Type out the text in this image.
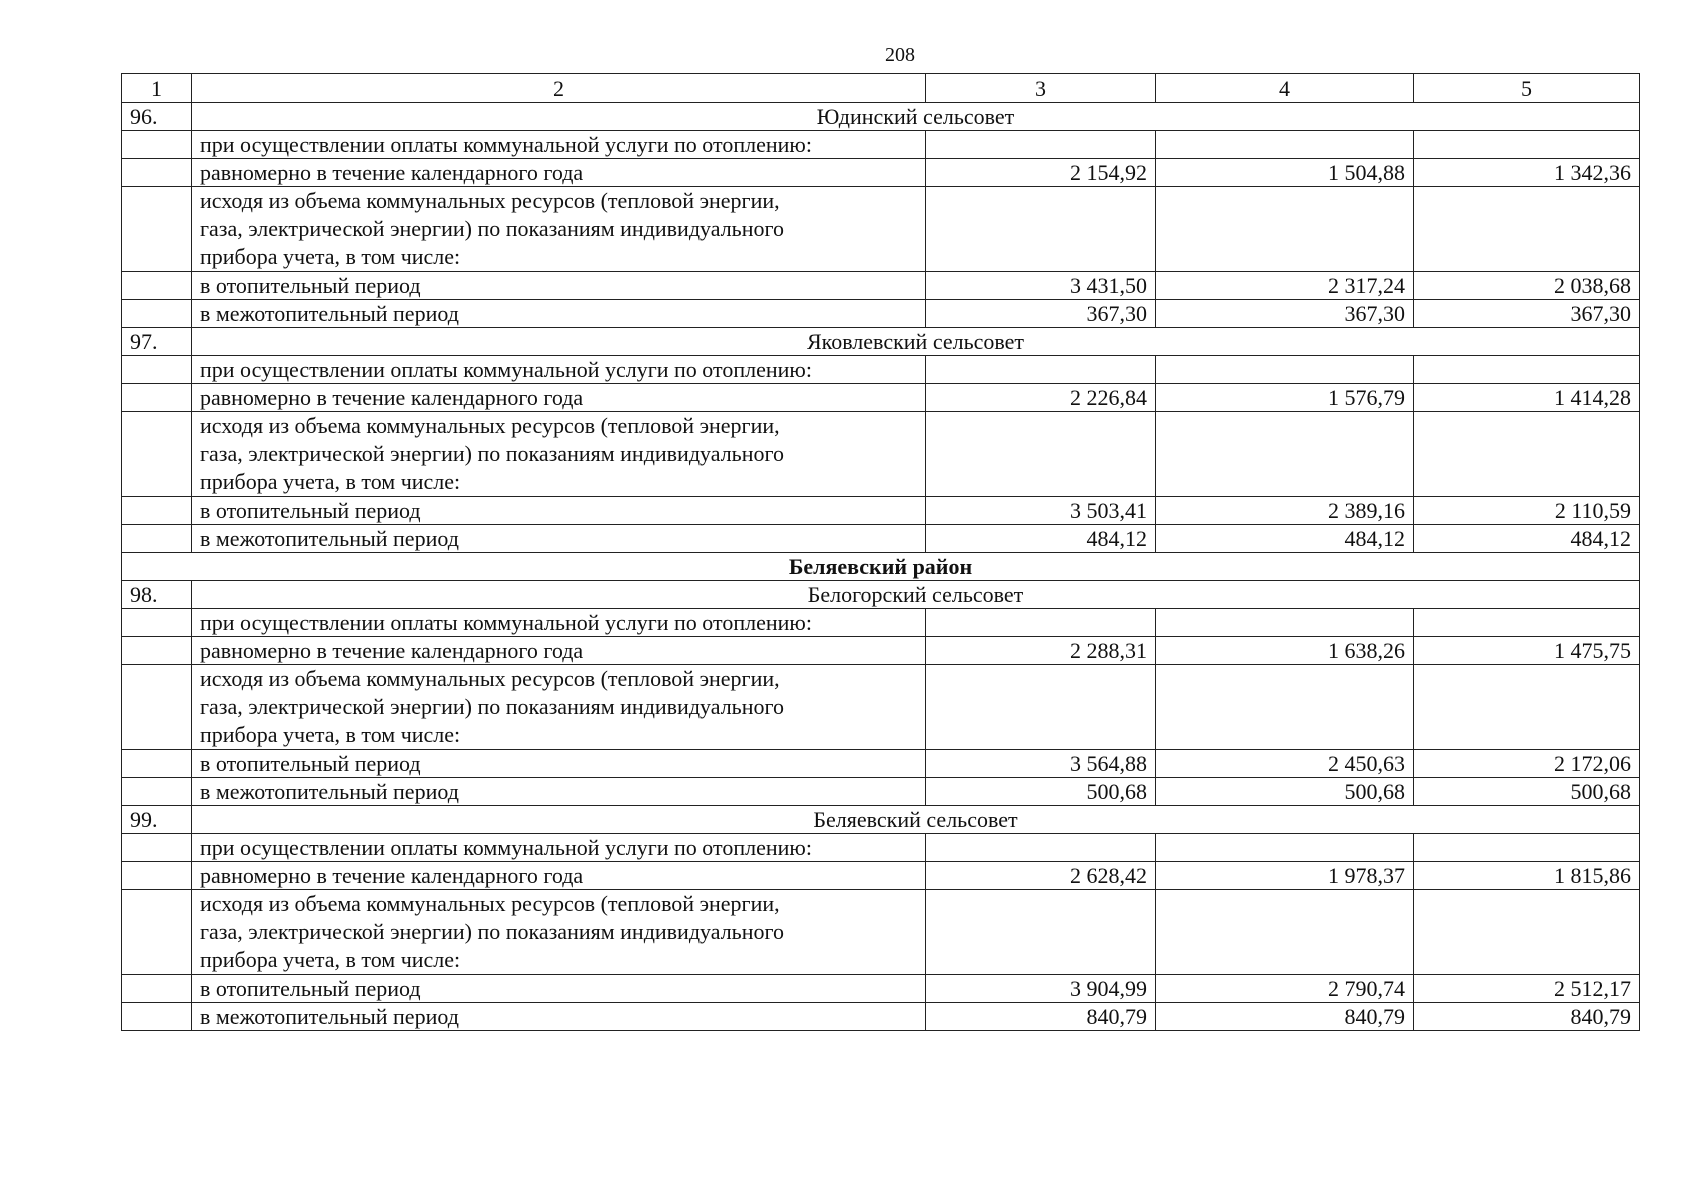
208
1	2	3	4	5
96.	Юдинский сельсовет			
	при осуществлении оплаты коммунальной услуги по отоплению:			
	равномерно в течение календарного года	2 154,92	1 504,88	1 342,36

	исходя из объема коммунальных ресурсов (тепловой энергии,
газа, электрической энергии) по показаниям индивидуального
прибора учета, в том числе:			

	в отопительный период	3 431,50	2 317,24	2 038,68
	в межотопительный период	367,30	367,30	367,30
97.	Яковлевский сельсовет			
	при осуществлении оплаты коммунальной услуги по отоплению:			
	равномерно в течение календарного года	2 226,84	1 576,79	1 414,28

	исходя из объема коммунальных ресурсов (тепловой энергии,
газа, электрической энергии) по показаниям индивидуального
прибора учета, в том числе:			

	в отопительный период	3 503,41	2 389,16	2 110,59
	в межотопительный период	484,12	484,12	484,12
Беляевский район				
98.	Белогорский сельсовет			
	при осуществлении оплаты коммунальной услуги по отоплению:			
	равномерно в течение календарного года	2 288,31	1 638,26	1 475,75

	исходя из объема коммунальных ресурсов (тепловой энергии,
газа, электрической энергии) по показаниям индивидуального
прибора учета, в том числе:			

	в отопительный период	3 564,88	2 450,63	2 172,06
	в межотопительный период	500,68	500,68	500,68
99.	Беляевский сельсовет			
	при осуществлении оплаты коммунальной услуги по отоплению:			
	равномерно в течение календарного года	2 628,42	1 978,37	1 815,86

	исходя из объема коммунальных ресурсов (тепловой энергии,
газа, электрической энергии) по показаниям индивидуального
прибора учета, в том числе:			

	в отопительный период	3 904,99	2 790,74	2 512,17
	в межотопительный период	840,79	840,79	840,79
